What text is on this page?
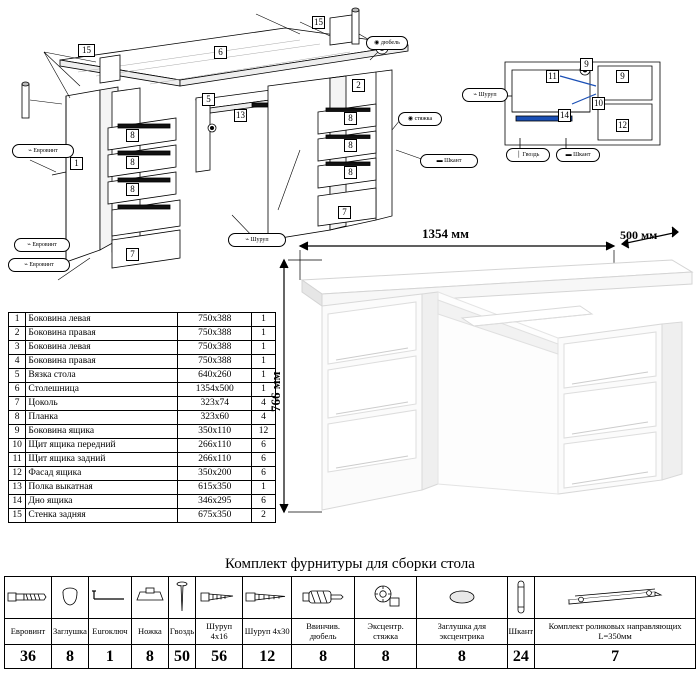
15
15
6
1
2
5
13
8
8
8
7
8
8
8
7
11	9
10
12
14
9
⌁ Евровинт
⌁ Евровинт
⌁ Шуруп
◉ стяжка
▬ Шкант
◉ дюбель
⌁ Шуруп
│ Гвоздь	▬ Шкант
⌁ Евровинт
1	Боковина левая	750х388	1
2	Боковина правая	750х388	1
3	Боковина левая	750х388	1
4	Боковина правая	750х388	1
5	Вязка стола	640х260	1
6	Столешница	1354х500	1
7	Цоколь	323х74	4
8	Планка	323х60	4
9	Боковина ящика	350х110	12
10	Щит ящика передний	266х110	6
11	Щит ящика задний	266х110	6
12	Фасад ящика	350х200	6
13	Полка выкатная	615х350	1
14	Дно ящика	346х295	6
15	Стенка задняя	675х350	2
1354 мм	500 мм
766 мм
Комплект фурнитуры для сборки стола

Евровинт	Заглушка	Euroключ	Ножка	Гвоздь	Шуруп 4х16	Шуруп 4х30	Ввинчив. дюбель	Эксцентр. стяжка	Заглушка для эксцентрика	Шкант	Комплект роликовых направляющих L=350мм
36	8	1	8	50	56	12	8	8	8	24	7
